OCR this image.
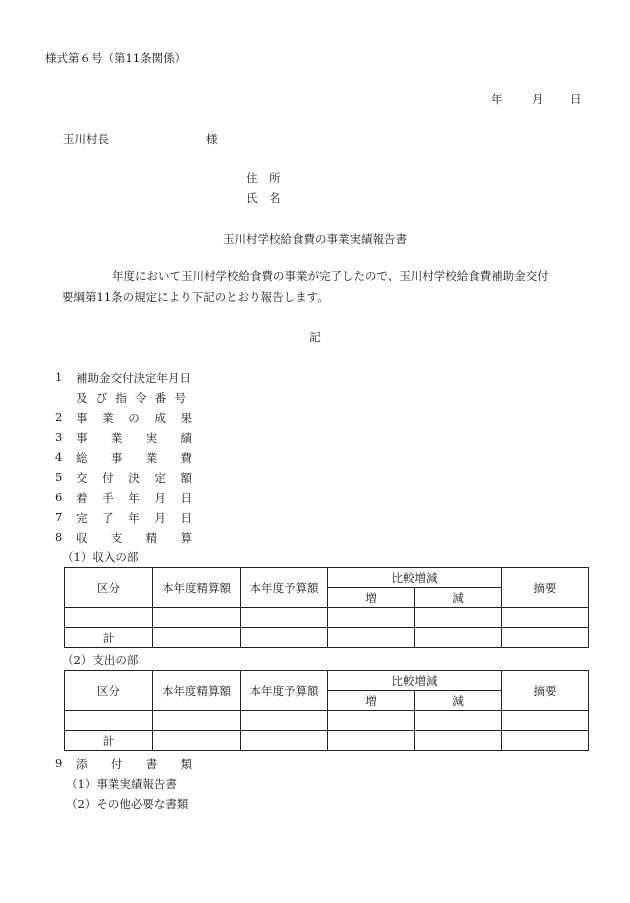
様式第６号（第11条関係）
年	月 日
玉川村長	様
住　所
氏　名
玉川村学校給食費の事業実績報告書
年度において玉川村学校給食費の事業が完了したので、玉川村学校給食費補助金交付
要綱第11条の規定により下記のとおり報告します。
記
1 補助金交付決定年月日
及 び 指 令 番 号
2 事 業 の 成 果
3 事 業 実 績
4 総 事 業 費
5 交 付 決 定 額
6 着 手 年 月 日
7 完 了 年 月 日
8 収 支 精 算
（1）収入の部
区分	本年度精算額	本年度予算額	比較増減		摘要
			増	減	

計					
（2）支出の部
区分	本年度精算額	本年度予算額	比較増減		摘要
			増	減	

計					
9 添 付 書 類
（1）事業実績報告書
（2）その他必要な書類
